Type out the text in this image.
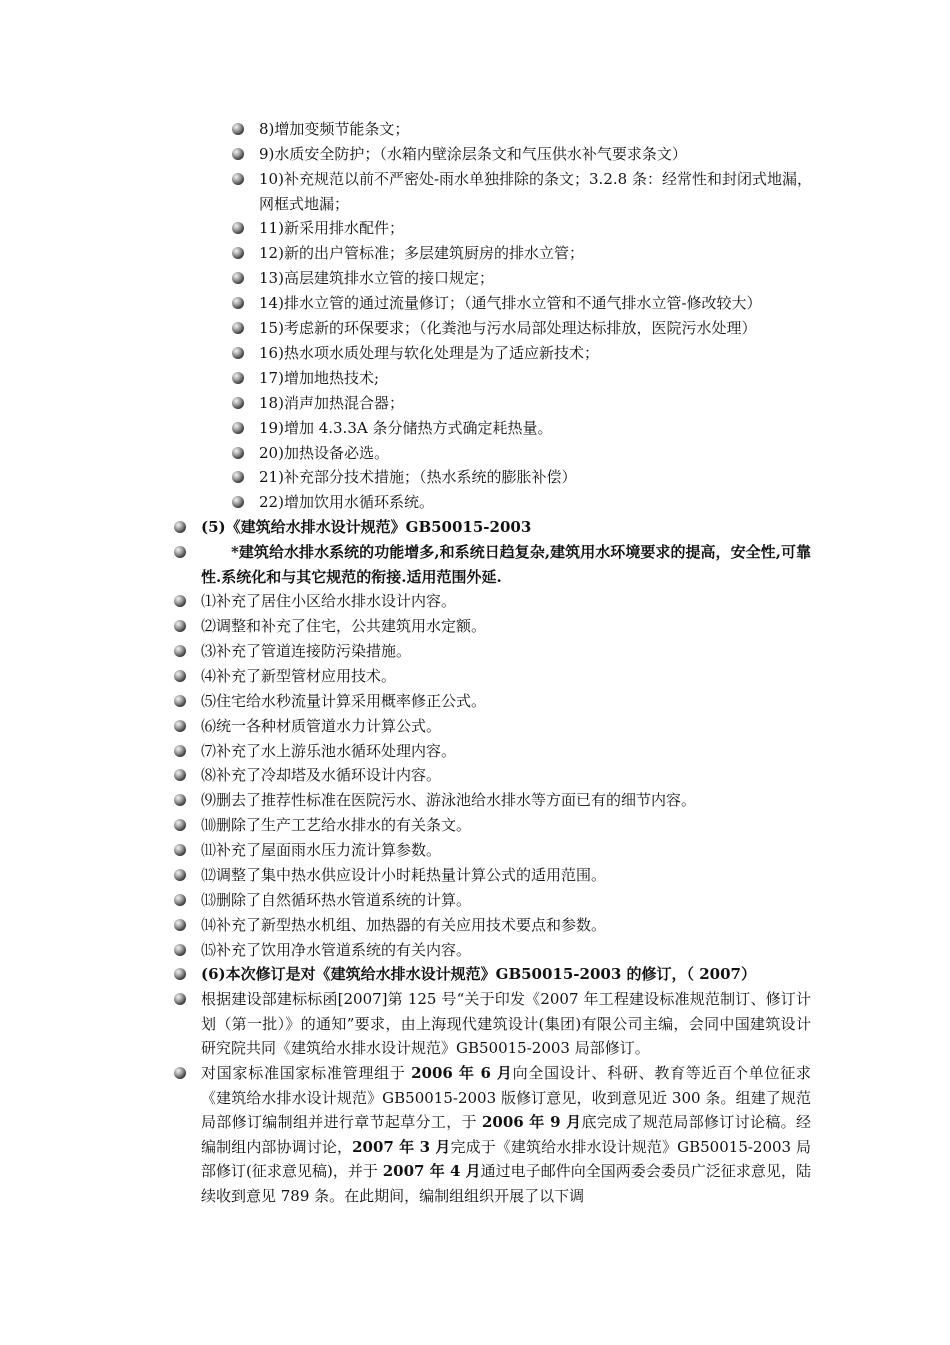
8)增加变频节能条文；
9)水质安全防护；（水箱内壁涂层条文和气压供水补气要求条文）
10)补充规范以前不严密处-雨水单独排除的条文；3.2.8 条：经常性和封闭式地漏，网框式地漏；
11)新采用排水配件；
12)新的出户管标准；多层建筑厨房的排水立管；
13)高层建筑排水立管的接口规定；
14)排水立管的通过流量修订；（通气排水立管和不通气排水立管-修改较大）
15)考虑新的环保要求；（化粪池与污水局部处理达标排放，医院污水处理）
16)热水项水质处理与软化处理是为了适应新技术；
17)增加地热技术;
18)消声加热混合器；
19)增加 4.3.3A 条分储热方式确定耗热量。
20)加热设备必选。
21)补充部分技术措施；（热水系统的膨胀补偿）
22)增加饮用水循环系统。
(5)《建筑给水排水设计规范》GB50015-2003
*建筑给水排水系统的功能增多,和系统日趋复杂,建筑用水环境要求的提高，安全性,可靠性.系统化和与其它规范的衔接.适用范围外延.
⑴补充了居住小区给水排水设计内容。
⑵调整和补充了住宅，公共建筑用水定额。
⑶补充了管道连接防污染措施。
⑷补充了新型管材应用技术。
⑸住宅给水秒流量计算采用概率修正公式。
⑹统一各种材质管道水力计算公式。
⑺补充了水上游乐池水循环处理内容。
⑻补充了冷却塔及水循环设计内容。
⑼删去了推荐性标准在医院污水、游泳池给水排水等方面已有的细节内容。
⑽删除了生产工艺给水排水的有关条文。
⑾补充了屋面雨水压力流计算参数。
⑿调整了集中热水供应设计小时耗热量计算公式的适用范围。
⒀删除了自然循环热水管道系统的计算。
⒁补充了新型热水机组、加热器的有关应用技术要点和参数。
⒂补充了饮用净水管道系统的有关内容。
(6)本次修订是对《建筑给水排水设计规范》GB50015-2003 的修订，（ 2007）
根据建设部建标标函[2007]第 125 号“关于印发《2007 年工程建设标准规范制订、修订计划（第一批）》的通知”要求，由上海现代建筑设计(集团)有限公司主编，会同中国建筑设计研究院共同《建筑给水排水设计规范》GB50015-2003 局部修订。
对国家标准国家标准管理组于 2006 年 6 月向全国设计、科研、教育等近百个单位征求《建筑给水排水设计规范》GB50015-2003 版修订意见，收到意见近 300 条。组建了规范局部修订编制组并进行章节起草分工，于 2006 年 9 月底完成了规范局部修订讨论稿。经编制组内部协调讨论，2007 年 3 月完成于《建筑给水排水设计规范》GB50015-2003 局部修订(征求意见稿)，并于 2007 年 4 月通过电子邮件向全国两委会委员广泛征求意见，陆续收到意见 789 条。在此期间，编制组组织开展了以下调
